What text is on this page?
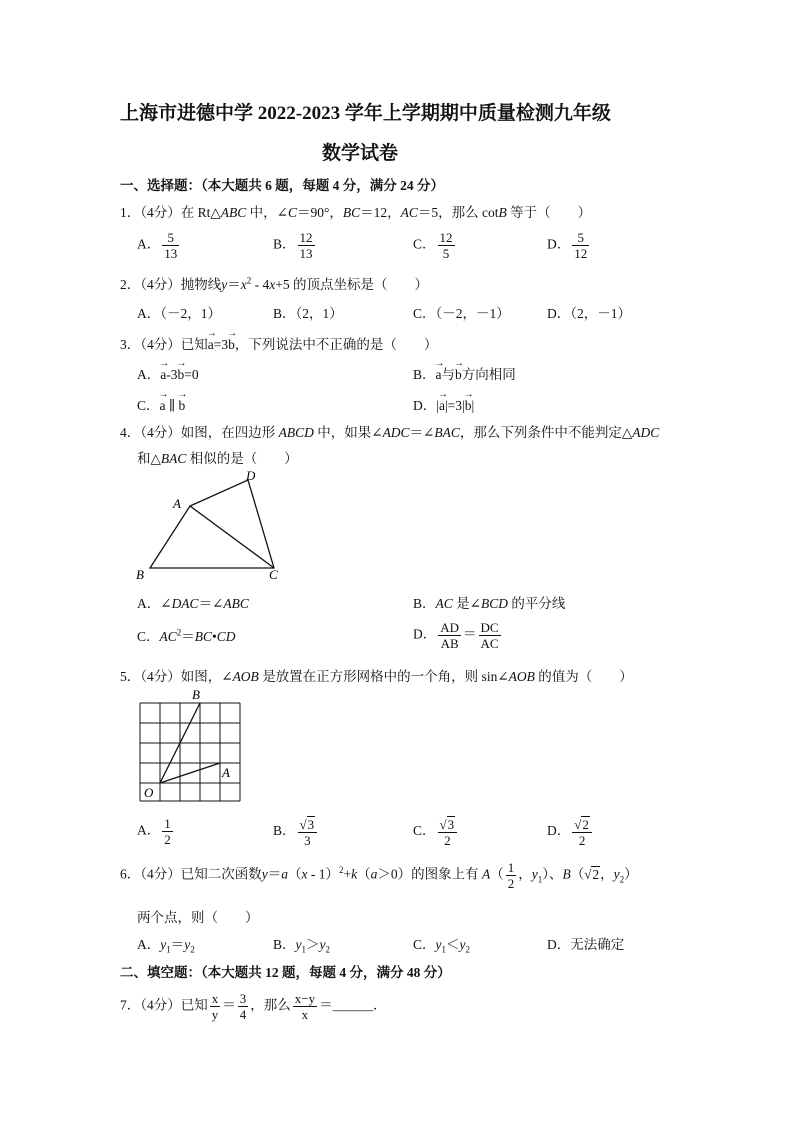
上海市进德中学 2022-2023 学年上学期期中质量检测九年级
数学试卷
一、选择题：（本大题共 6 题，每题 4 分，满分 24 分）
1．（4分）在 Rt△ABC 中，∠C＝90°，BC＝12，AC＝5，那么 cotB 等于（　　）
A． $\frac{5}{13}$	B． $\frac{12}{13}$	C． $\frac{12}{5}$	D． $\frac{5}{12}$
2．（4分）抛物线$y=x^2 - 4x+5$ 的顶点坐标是（　　）
A．（－2，1）	B．（2，1）	C．（－2，－1）	D．（2，－1）
3．（4分）已知→ a=3→ b，下列说法中不正确的是（　　）
A．→ a-3→ b=0	B．→ a与→ b方向相同
C．→ a ∥ → b	D．|→ a|=3|→ b|
4．（4分）如图，在四边形 ABCD 中，如果∠ADC＝∠BAC，那么下列条件中不能判定△ADC
和△BAC 相似的是（　　）
A
D
B	C
A．∠DAC＝∠ABC	B．AC 是∠BCD 的平分线
C．$AC^2=BC•CD$	D． $\frac{AD}{AB} = \frac{DC}{AC}$
5．（4分）如图，∠AOB 是放置在正方形网格中的一个角，则 sin∠AOB 的值为（　　）
B
A
O
A． $\frac{1}{2}$	B． $\frac{√3}{3}$	C． $\frac{√3}{2}$	D． $\frac{√2}{2}$
6．（4分）已知二次函数y＝a（x - 1）$^2$+k（a＞0）的图象上有 $A( \frac{1}{2}$ ，$y_1$）、B（√2，$y_2$）
两个点，则（　　）
A．$y_1=y_2$	B．$y_1>y_2$	C．$y_1<y_2$	D．无法确定
二、填空题：（本大题共 12 题，每题 4 分，满分 48 分）
7．（4分）已知 $\frac{x}{y} = \frac{3}{4}$ ，那么 $\frac{x-y}{x}$ ＝______．
